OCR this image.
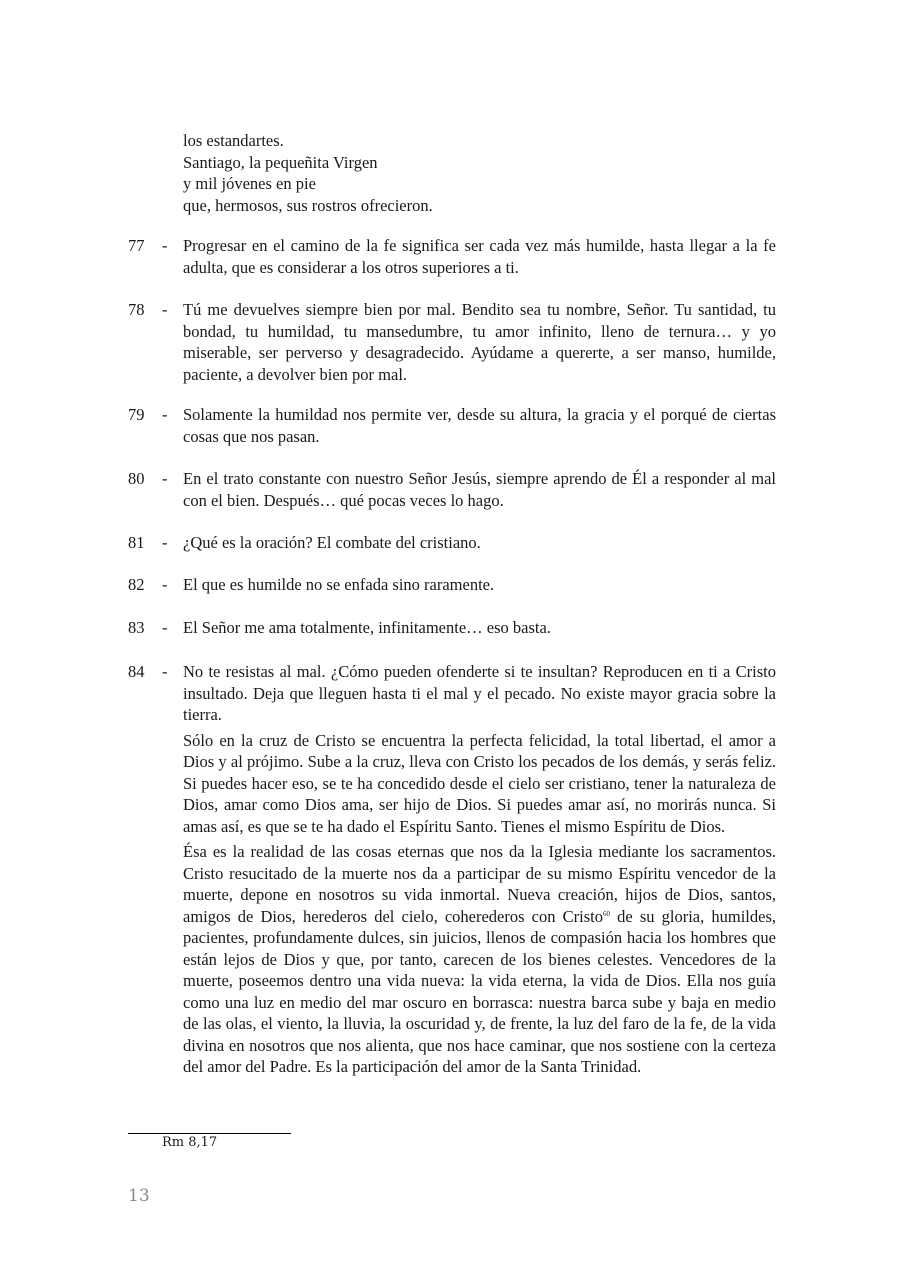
los estandartes.
Santiago, la pequeñita Virgen
y mil jóvenes en pie
que, hermosos, sus rostros ofrecieron.
77	- Progresar en el camino de la fe significa ser cada vez más humilde, hasta llegar a la fe adulta, que es considerar a los otros superiores a ti.

78	- Tú me devuelves siempre bien por mal. Bendito sea tu nombre, Señor. Tu santidad, tu bondad, tu humildad, tu mansedumbre, tu amor infinito, lleno de ternura… y yo miserable, ser perverso y desagradecido. Ayúdame a quererte, a ser manso, humilde, paciente, a devolver bien por mal.

79	- Solamente la humildad nos permite ver, desde su altura, la gracia y el porqué de ciertas cosas que nos pasan.

80	- En el trato constante con nuestro Señor Jesús, siempre aprendo de Él a responder al mal con el bien. Después… qué pocas veces lo hago.

81	- ¿Qué es la oración? El combate del cristiano.

82	- El que es humilde no se enfada sino raramente.

83	- El Señor me ama totalmente, infinitamente… eso basta.

84	- No te resistas al mal. ¿Cómo pueden ofenderte si te insultan? Reproducen en ti a Cristo insultado. Deja que lleguen hasta ti el mal y el pecado. No existe mayor gracia sobre la tierra.

Sólo en la cruz de Cristo se encuentra la perfecta felicidad, la total libertad, el amor a Dios y al prójimo. Sube a la cruz, lleva con Cristo los pecados de los demás, y serás feliz. Si puedes hacer eso, se te ha concedido desde el cielo ser cristiano, tener la naturaleza de Dios, amar como Dios ama, ser hijo de Dios. Si puedes amar así, no morirás nunca. Si amas así, es que se te ha dado el Espíritu Santo. Tienes el mismo Espíritu de Dios.

Ésa es la realidad de las cosas eternas que nos da la Iglesia mediante los sacramentos. Cristo resucitado de la muerte nos da a participar de su mismo Espíritu vencedor de la muerte, depone en nosotros su vida inmortal. Nueva creación, hijos de Dios, santos, amigos de Dios, herederos del cielo, coherederos con Cristo$^{60}$ de su gloria, humildes, pacientes, profundamente dulces, sin juicios, llenos de compasión hacia los hombres que están lejos de Dios y que, por tanto, carecen de los bienes celestes. Vencedores de la muerte, poseemos dentro una vida nueva: la vida eterna, la vida de Dios. Ella nos guía como una luz en medio del mar oscuro en borrasca: nuestra barca sube y baja en medio de las olas, el viento, la lluvia, la oscuridad y, de frente, la luz del faro de la fe, de la vida divina en nosotros que nos alienta, que nos hace caminar, que nos sostiene con la certeza del amor del Padre. Es la participación del amor de la Santa Trinidad.

Rm 8,17
13
